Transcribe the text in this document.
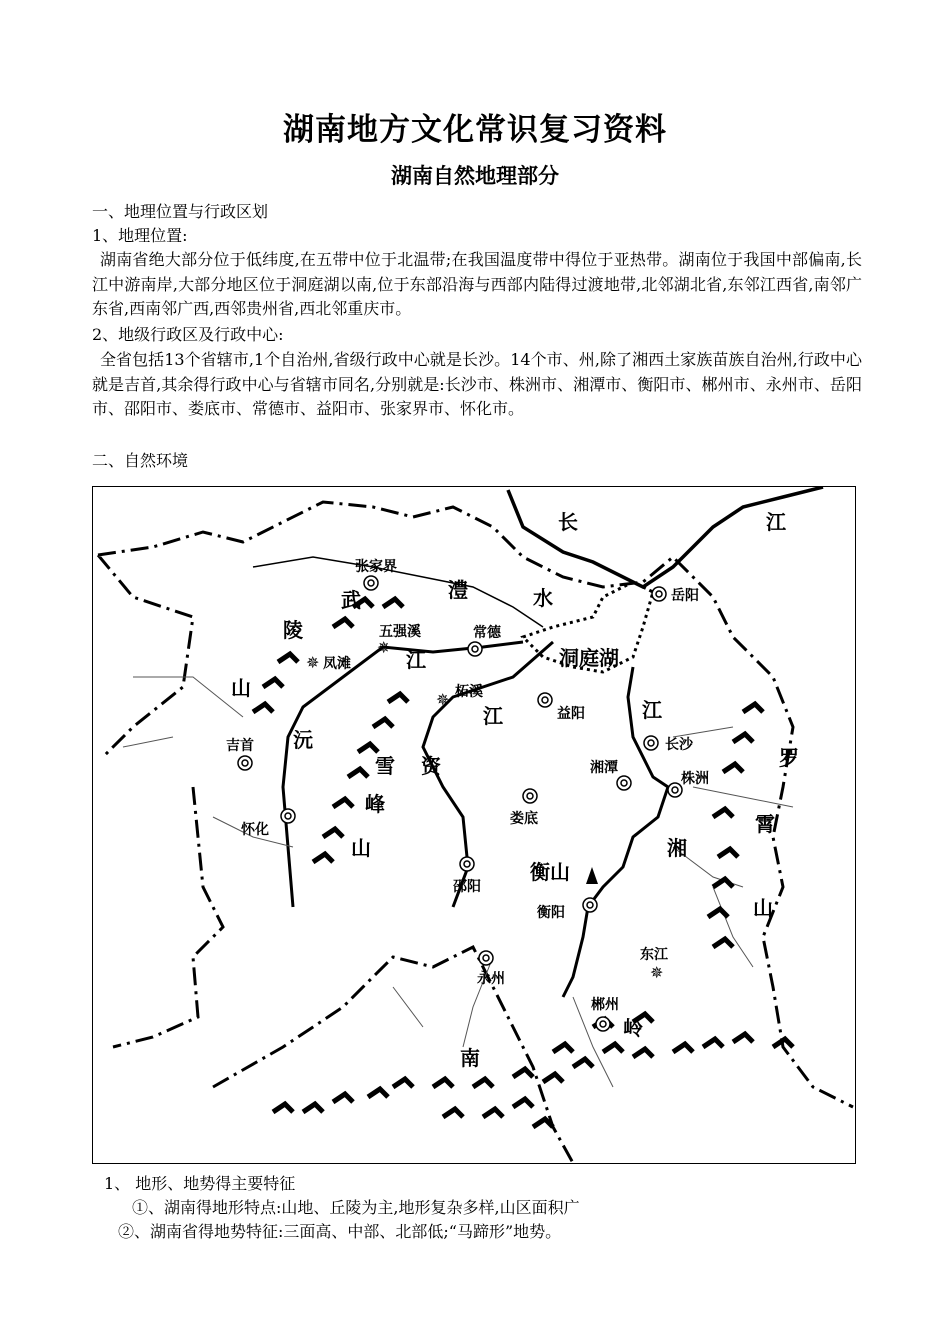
湖南地方文化常识复习资料
湖南自然地理部分
一、地理位置与行政区划
1、地理位置:
湖南省绝大部分位于低纬度,在五带中位于北温带;在我国温度带中得位于亚热带。湖南位于我国中部偏南,长江中游南岸,大部分地区位于洞庭湖以南,位于东部沿海与西部内陆得过渡地带,北邻湖北省,东邻江西省,南邻广东省,西南邻广西,西邻贵州省,西北邻重庆市。
2、地级行政区及行政中心:
全省包括13个省辖市,1个自治州,省级行政中心就是长沙。14个市、州,除了湘西土家族苗族自治州,行政中心就是吉首,其余得行政中心与省辖市同名,分别就是:长沙市、株洲市、湘潭市、衡阳市、郴州市、永州市、岳阳市、邵阳市、娄底市、常德市、益阳市、张家界市、怀化市。
二、自然环境
✵
✵
✵
✵
张家界
常德
岳阳
益阳
长沙
湘潭
株洲
吉首
怀化
娄底
邵阳
衡阳
永州
郴州
五强溪
凤滩
柘溪
东江
长	江
澧	水
洞庭湖
武
陵
山
沅
江
江
雪 资
峰
山
江
罗
霄
山
湘
衡山
南
岭
1、 地形、地势得主要特征
①、湖南得地形特点:山地、丘陵为主,地形复杂多样,山区面积广
②、湖南省得地势特征:三面高、中部、北部低;“马蹄形”地势。
